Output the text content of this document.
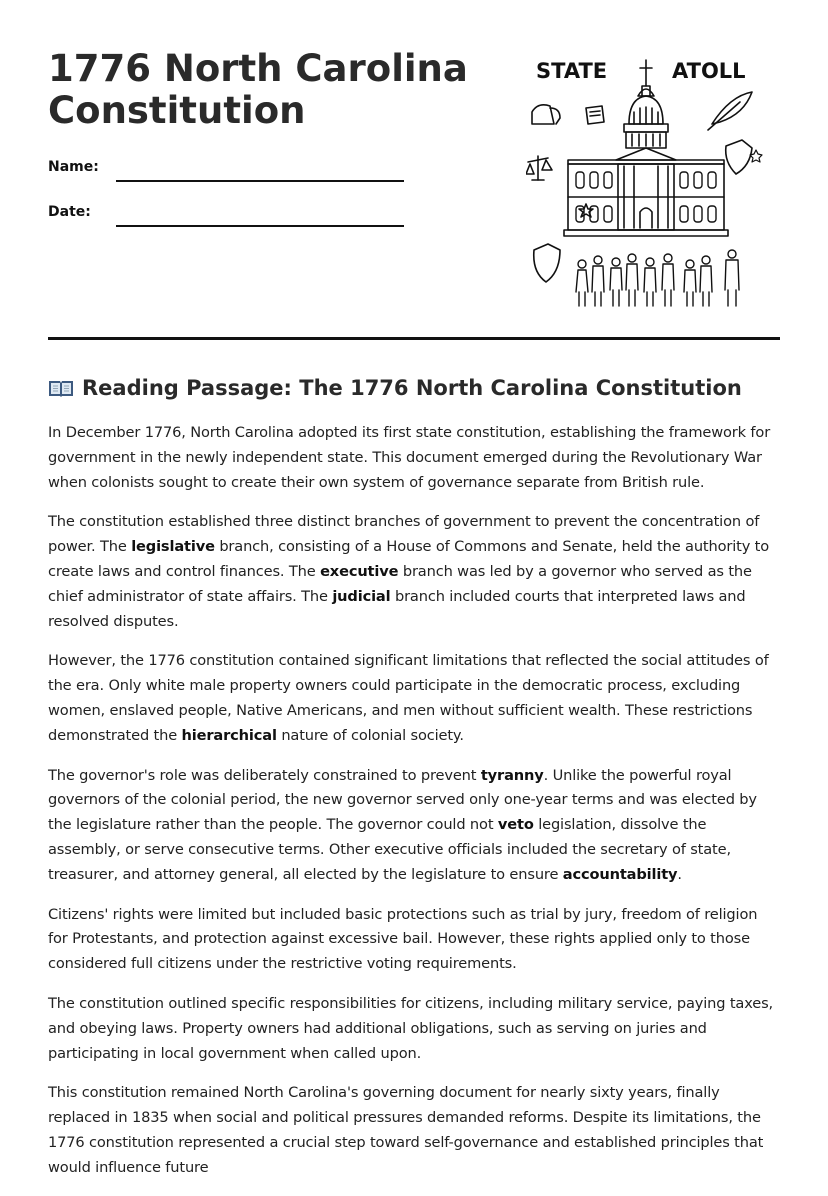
1776 North Carolina Constitution
Name:
Date:
STATE	ATOLL
Reading Passage: The 1776 North Carolina Constitution

In December 1776, North Carolina adopted its first state constitution, establishing the framework for government in the newly independent state. This document emerged during the Revolutionary War when colonists sought to create their own system of governance separate from British rule.

The constitution established three distinct branches of government to prevent the concentration of power. The legislative branch, consisting of a House of Commons and Senate, held the authority to create laws and control finances. The executive branch was led by a governor who served as the chief administrator of state affairs. The judicial branch included courts that interpreted laws and resolved disputes.

However, the 1776 constitution contained significant limitations that reflected the social attitudes of the era. Only white male property owners could participate in the democratic process, excluding women, enslaved people, Native Americans, and men without sufficient wealth. These restrictions demonstrated the hierarchical nature of colonial society.

The governor's role was deliberately constrained to prevent tyranny. Unlike the powerful royal governors of the colonial period, the new governor served only one-year terms and was elected by the legislature rather than the people. The governor could not veto legislation, dissolve the assembly, or serve consecutive terms. Other executive officials included the secretary of state, treasurer, and attorney general, all elected by the legislature to ensure accountability.

Citizens' rights were limited but included basic protections such as trial by jury, freedom of religion for Protestants, and protection against excessive bail. However, these rights applied only to those considered full citizens under the restrictive voting requirements.

The constitution outlined specific responsibilities for citizens, including military service, paying taxes, and obeying laws. Property owners had additional obligations, such as serving on juries and participating in local government when called upon.

This constitution remained North Carolina's governing document for nearly sixty years, finally replaced in 1835 when social and political pressures demanded reforms. Despite its limitations, the 1776 constitution represented a crucial step toward self-governance and established principles that would influence future
